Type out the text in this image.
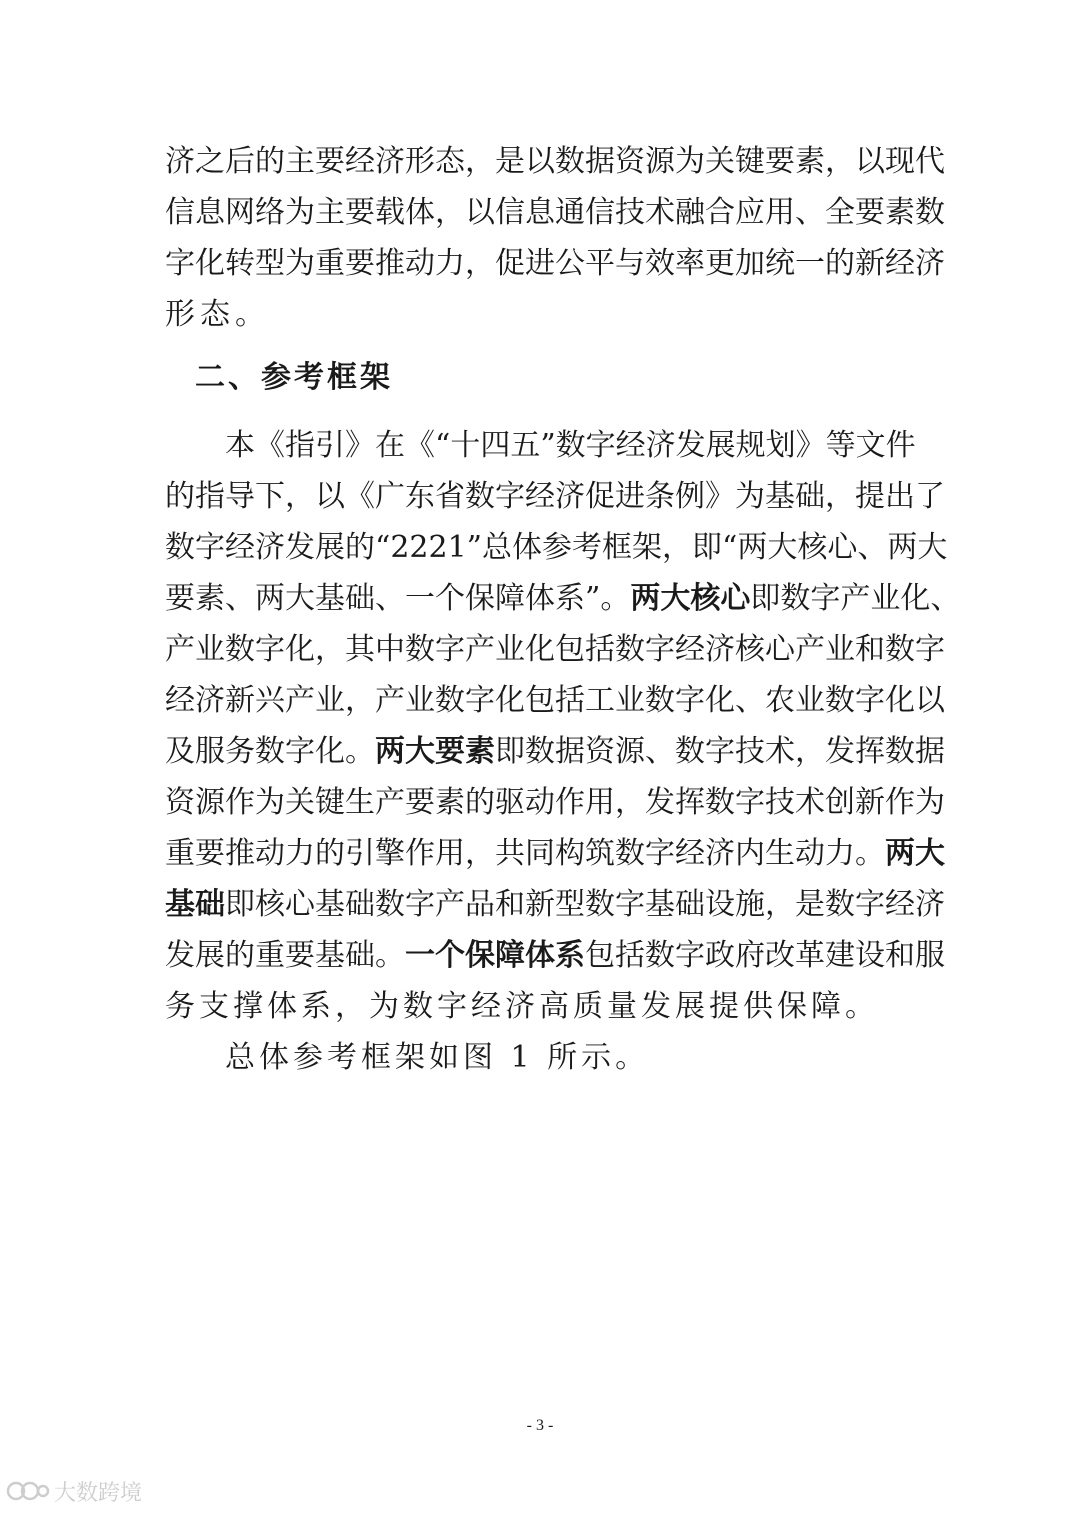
济之后的主要经济形态，是以数据资源为关键要素，以现代
信息网络为主要载体，以信息通信技术融合应用、全要素数
字化转型为重要推动力，促进公平与效率更加统一的新经济
形态。
二、参考框架
本《指引》在《“十四五”数字经济发展规划》等文件
的指导下，以《广东省数字经济促进条例》为基础，提出了
数字经济发展的“2221”总体参考框架，即“两大核心、两大
要素、两大基础、一个保障体系”。两大核心即数字产业化、
产业数字化，其中数字产业化包括数字经济核心产业和数字
经济新兴产业，产业数字化包括工业数字化、农业数字化以
及服务数字化。两大要素即数据资源、数字技术，发挥数据
资源作为关键生产要素的驱动作用，发挥数字技术创新作为
重要推动力的引擎作用，共同构筑数字经济内生动力。两大
基础即核心基础数字产品和新型数字基础设施，是数字经济
发展的重要基础。一个保障体系包括数字政府改革建设和服
务支撑体系，为数字经济高质量发展提供保障。
总体参考框架如图 1 所示。
- 3 -
大数跨境
